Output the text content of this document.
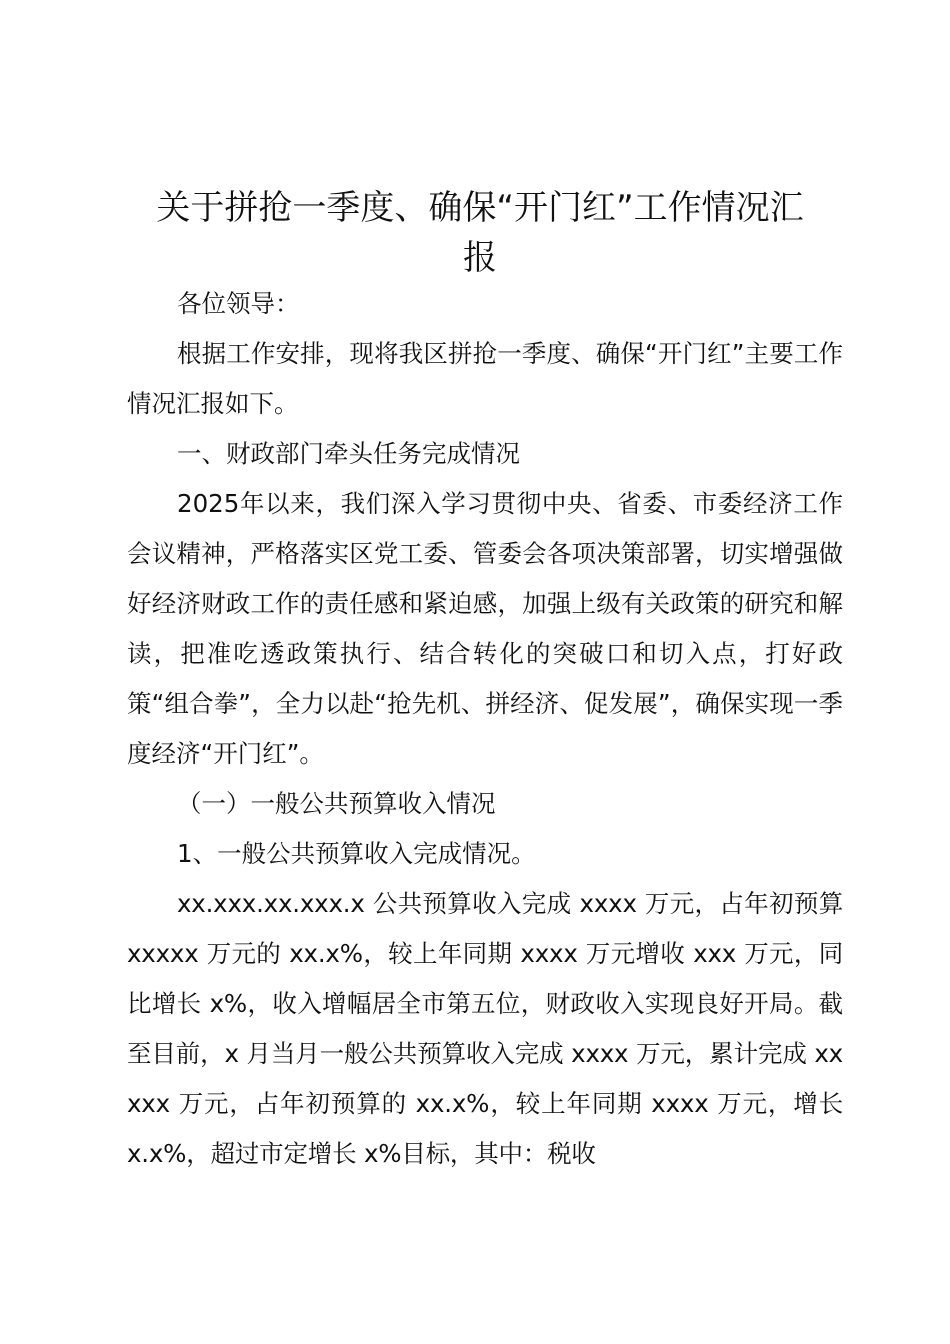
关于拼抢一季度、确保“开门红”工作情况汇
报

各位领导：

根据工作安排，现将我区拼抢一季度、确保“开门红”主要工作情况汇报如下。

一、财政部门牵头任务完成情况

2025年以来，我们深入学习贯彻中央、省委、市委经济工作会议精神，严格落实区党工委、管委会各项决策部署，切实增强做好经济财政工作的责任感和紧迫感，加强上级有关政策的研究和解读，把准吃透政策执行、结合转化的突破口和切入点，打好政策“组合拳”，全力以赴“抢先机、拼经济、促发展”，确保实现一季度经济“开门红”。

（一）一般公共预算收入情况

1、一般公共预算收入完成情况。

xx.xxx.xx.xxx.x 公共预算收入完成 xxxx 万元，占年初预算 xxxxx 万元的 xx.x%，较上年同期 xxxx 万元增收 xxx 万元，同比增长 x%，收入增幅居全市第五位，财政收入实现良好开局。截至目前，x 月当月一般公共预算收入完成 xxxx 万元，累计完成 xxxxx 万元，占年初预算的 xx.x%，较上年同期 xxxx 万元，增长 x.x%，超过市定增长 x%目标，其中：税收
